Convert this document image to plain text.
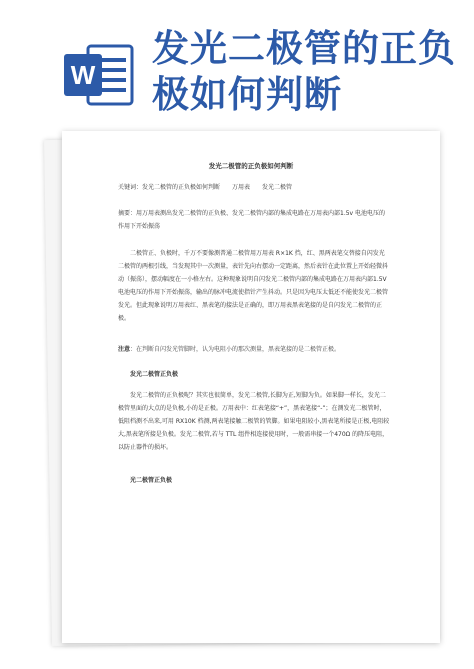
W
发光二极管的正负极如何判断

发光二极管的正负极如何判断

关键词：发光二极管的正负极如何判断　　万用表　　发光二极管

摘要：用万用表测出发光二极管的正负极、发光二极管内部的集成电路在万用表内部1.5v 电池电压的作用下开始振荡

二极管正、负极时，千万不要像测普通二极管用万用表 R×1K 挡，红、黑两表笔交替接自闪发光二极管的两根引线，当发现其中一次测量，表针先向右摆动一定距离，然后表针在此位置上开始轻微抖动（振荡），摆动幅度在一小格左右。这种现象说明自闪发光二极管内部的集成电路在万用表内部1.5V 电池电压的作用下开始振荡，输出的脉冲电流使指针产生抖动。只是因为电压太低还不能使发光二极管发光。但此现象说明万用表红、黑表笔的接法是正确的，即万用表黑表笔接的是自闪发光二极管的正极。

注意：在判断自闪发光管脚时，认为电阻小的那次测量，黑表笔接的是二极管正极。

发光二极管正负极

发光二极管的正负极呢？其实也很简单，发光二极管,长脚为正,短脚为负。如果脚一样长，发光二极管里面的大点的是负极,小的是正极。万用表中：红表笔接“+”，黑表笔接“-”；在测发光二极管时，低阻档测不出来,可用 RX10K 档测,两表笔接触二极管的管脚。如果电阻较小,黑表笔所接是正极,电阻较大,黑表笔所接是负极。发光二极管,若与 TTL 组件相连接使用时，一般需串接一个470Ω 的降压电阻，以防止器件的损坏。

光二极管正负极
